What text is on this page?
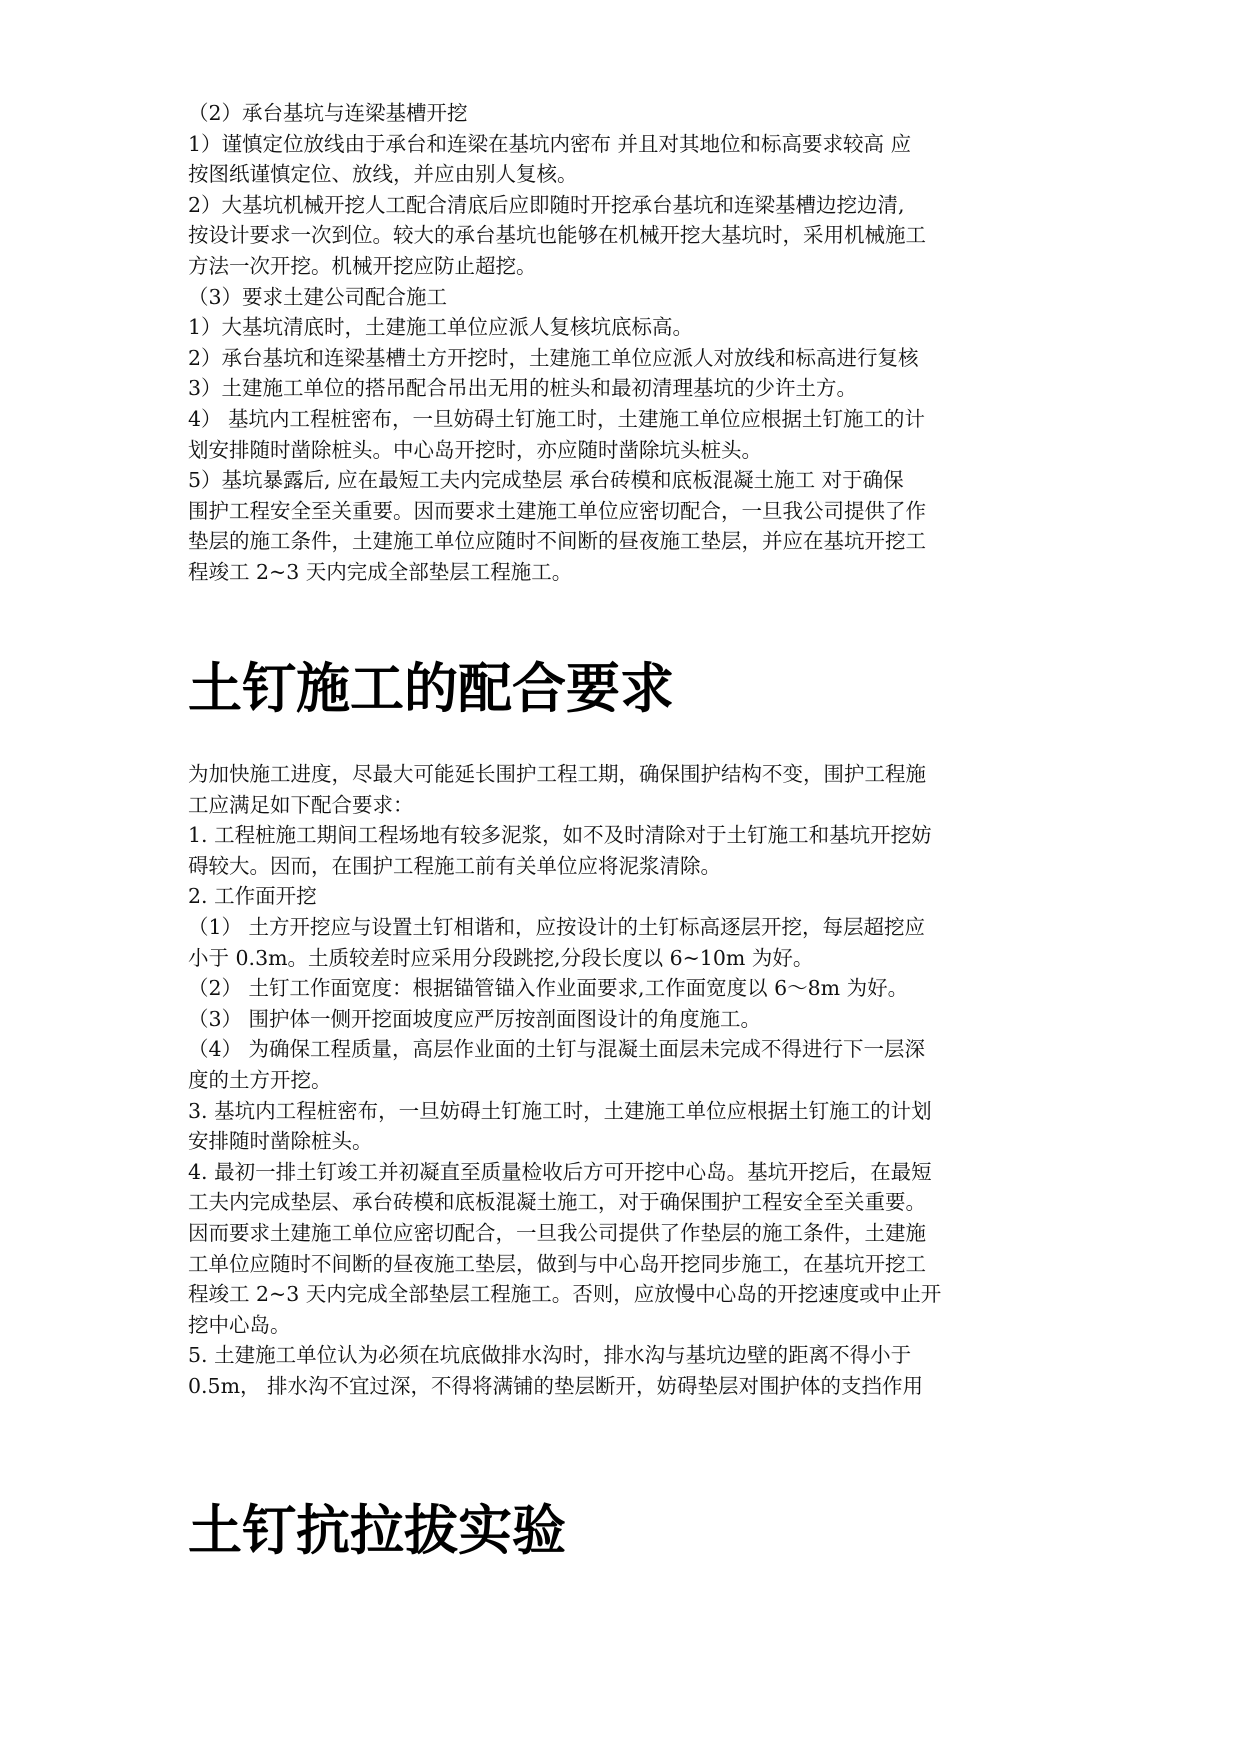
（2）承台基坑与连梁基槽开挖
1）谨慎定位放线由于承台和连梁在基坑内密布 并且对其地位和标高要求较高 应
按图纸谨慎定位、放线，并应由别人复核。
2）大基坑机械开挖人工配合清底后应即随时开挖承台基坑和连梁基槽边挖边清,
按设计要求一次到位。较大的承台基坑也能够在机械开挖大基坑时，采用机械施工
方法一次开挖。机械开挖应防止超挖。
（3）要求土建公司配合施工
1）大基坑清底时，土建施工单位应派人复核坑底标高。
2）承台基坑和连梁基槽土方开挖时，土建施工单位应派人对放线和标高进行复核
3）土建施工单位的搭吊配合吊出无用的桩头和最初清理基坑的少许土方。
4） 基坑内工程桩密布，一旦妨碍土钉施工时，土建施工单位应根据土钉施工的计
划安排随时凿除桩头。中心岛开挖时，亦应随时凿除坑头桩头。
5）基坑暴露后, 应在最短工夫内完成垫层 承台砖模和底板混凝土施工 对于确保
围护工程安全至关重要。因而要求土建施工单位应密切配合，一旦我公司提供了作
垫层的施工条件，土建施工单位应随时不间断的昼夜施工垫层，并应在基坑开挖工
程竣工 2~3 天内完成全部垫层工程施工。
土钉施工的配合要求
为加快施工进度，尽最大可能延长围护工程工期，确保围护结构不变，围护工程施
工应满足如下配合要求：
1. 工程桩施工期间工程场地有较多泥浆，如不及时清除对于土钉施工和基坑开挖妨
碍较大。因而，在围护工程施工前有关单位应将泥浆清除。
2. 工作面开挖
（1） 土方开挖应与设置土钉相谐和，应按设计的土钉标高逐层开挖，每层超挖应
小于 0.3m。土质较差时应采用分段跳挖,分段长度以 6~10m 为好。
（2） 土钉工作面宽度：根据锚管锚入作业面要求,工作面宽度以 6～8m 为好。
（3） 围护体一侧开挖面坡度应严厉按剖面图设计的角度施工。
（4） 为确保工程质量，高层作业面的土钉与混凝土面层未完成不得进行下一层深
度的土方开挖。
3. 基坑内工程桩密布，一旦妨碍土钉施工时，土建施工单位应根据土钉施工的计划
安排随时凿除桩头。
4. 最初一排土钉竣工并初凝直至质量检收后方可开挖中心岛。基坑开挖后，在最短
工夫内完成垫层、承台砖模和底板混凝土施工，对于确保围护工程安全至关重要。
因而要求土建施工单位应密切配合，一旦我公司提供了作垫层的施工条件，土建施
工单位应随时不间断的昼夜施工垫层，做到与中心岛开挖同步施工，在基坑开挖工
程竣工 2~3 天内完成全部垫层工程施工。否则，应放慢中心岛的开挖速度或中止开
挖中心岛。
5. 土建施工单位认为必须在坑底做排水沟时，排水沟与基坑边壁的距离不得小于
0.5m， 排水沟不宜过深，不得将满铺的垫层断开，妨碍垫层对围护体的支挡作用
土钉抗拉拔实验
